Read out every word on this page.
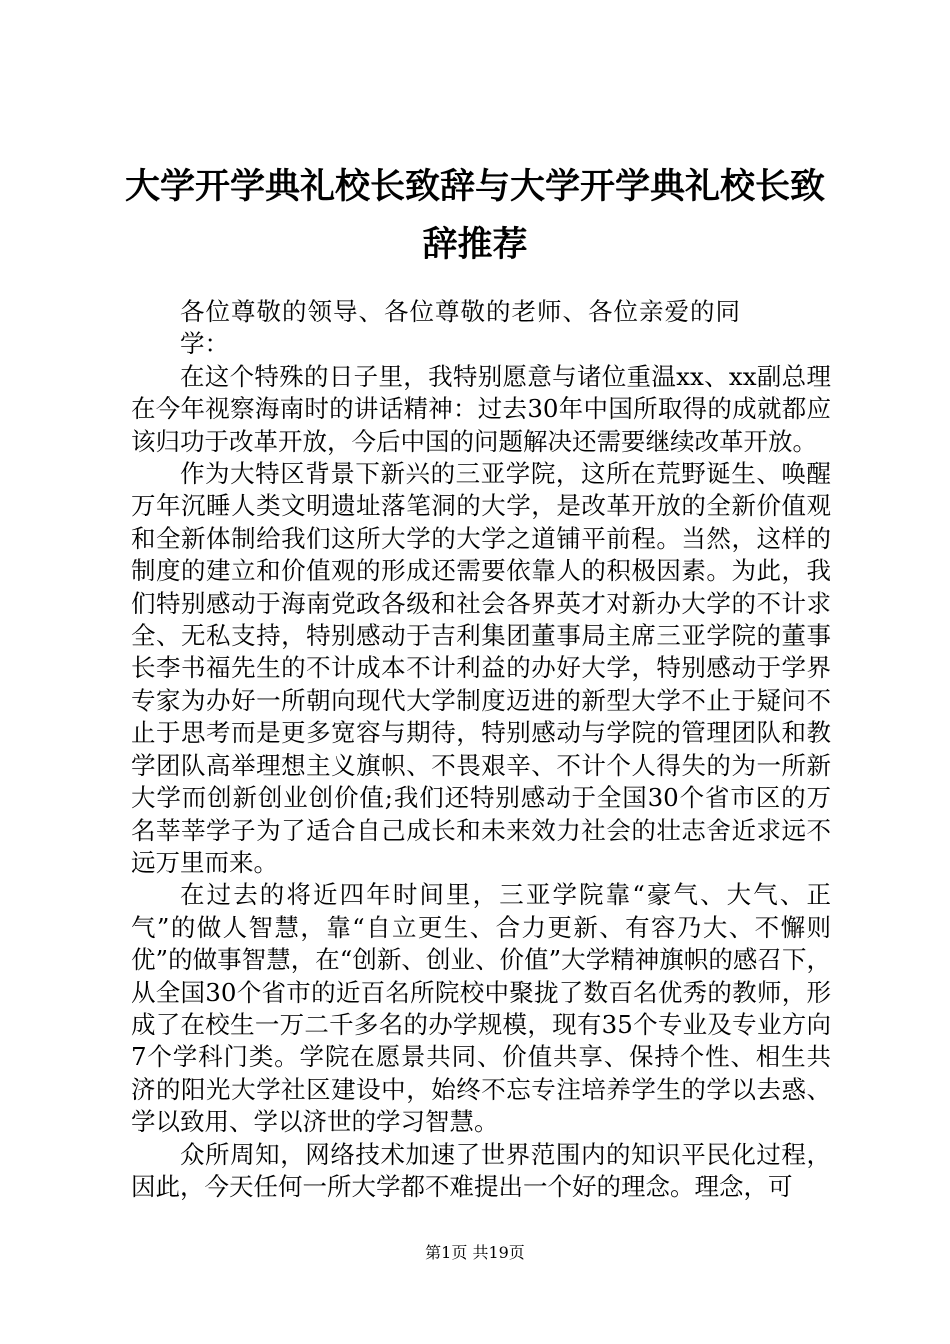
大学开学典礼校长致辞与大学开学典礼校长致辞推荐

各位尊敬的领导、各位尊敬的老师、各位亲爱的同学：

在这个特殊的日子里，我特别愿意与诸位重温xx、xx副总理在今年视察海南时的讲话精神：过去30年中国所取得的成就都应该归功于改革开放，今后中国的问题解决还需要继续改革开放。

作为大特区背景下新兴的三亚学院，这所在荒野诞生、唤醒万年沉睡人类文明遗址落笔洞的大学，是改革开放的全新价值观和全新体制给我们这所大学的大学之道铺平前程。当然，这样的制度的建立和价值观的形成还需要依靠人的积极因素。为此，我们特别感动于海南党政各级和社会各界英才对新办大学的不计求全、无私支持，特别感动于吉利集团董事局主席三亚学院的董事长李书福先生的不计成本不计利益的办好大学，特别感动于学界专家为办好一所朝向现代大学制度迈进的新型大学不止于疑问不止于思考而是更多宽容与期待，特别感动与学院的管理团队和教学团队高举理想主义旗帜、不畏艰辛、不计个人得失的为一所新大学而创新创业创价值;我们还特别感动于全国30个省市区的万名莘莘学子为了适合自己成长和未来效力社会的壮志舍近求远不远万里而来。

在过去的将近四年时间里，三亚学院靠“豪气、大气、正气”的做人智慧，靠“自立更生、合力更新、有容乃大、不懈则优”的做事智慧，在“创新、创业、价值”大学精神旗帜的感召下，从全国30个省市的近百名所院校中聚拢了数百名优秀的教师，形成了在校生一万二千多名的办学规模，现有35个专业及专业方向7个学科门类。学院在愿景共同、价值共享、保持个性、相生共济的阳光大学社区建设中，始终不忘专注培养学生的学以去惑、学以致用、学以济世的学习智慧。

众所周知，网络技术加速了世界范围内的知识平民化过程，因此，今天任何一所大学都不难提出一个好的理念。理念，可

第1页 共19页
